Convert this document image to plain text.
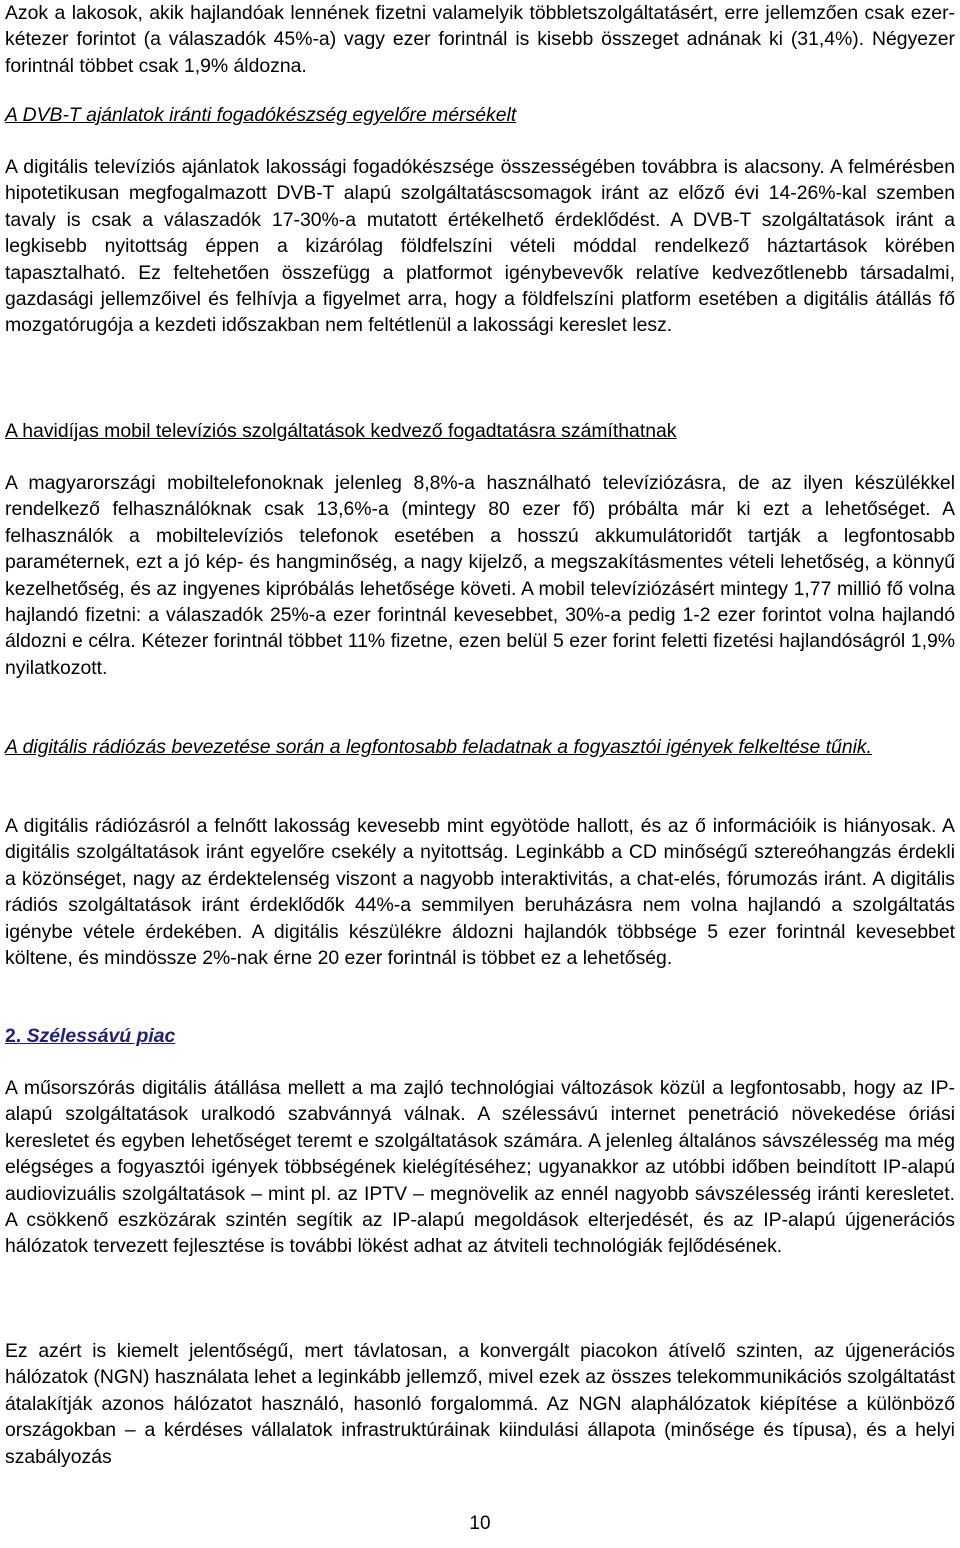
Azok a lakosok, akik hajlandóak lennének fizetni valamelyik többletszolgáltatásért, erre jellemzően csak ezer-kétezer forintot (a válaszadók 45%-a) vagy ezer forintnál is kisebb összeget adnának ki (31,4%). Négyezer forintnál többet csak 1,9% áldozna.

A DVB-T ajánlatok iránti fogadókészség egyelőre mérsékelt

A digitális televíziós ajánlatok lakossági fogadókészsége összességében továbbra is alacsony. A felmérésben hipotetikusan megfogalmazott DVB-T alapú szolgáltatáscsomagok iránt az előző évi 14-26%-kal szemben tavaly is csak a válaszadók 17-30%-a mutatott értékelhető érdeklődést. A DVB-T szolgáltatások iránt a legkisebb nyitottság éppen a kizárólag földfelszíni vételi móddal rendelkező háztartások körében tapasztalható. Ez feltehetően összefügg a platformot igénybevevők relatíve kedvezőtlenebb társadalmi, gazdasági jellemzőivel és felhívja a figyelmet arra, hogy a földfelszíni platform esetében a digitális átállás fő mozgatórugója a kezdeti időszakban nem feltétlenül a lakossági kereslet lesz.

A havidíjas mobil televíziós szolgáltatások kedvező fogadtatásra számíthatnak

A magyarországi mobiltelefonoknak jelenleg 8,8%-a használható televíziózásra, de az ilyen készülékkel rendelkező felhasználóknak csak 13,6%-a (mintegy 80 ezer fő) próbálta már ki ezt a lehetőséget. A felhasználók a mobiltelevíziós telefonok esetében a hosszú akkumulátoridőt tartják a legfontosabb paraméternek, ezt a jó kép- és hangminőség, a nagy kijelző, a megszakításmentes vételi lehetőség, a könnyű kezelhetőség, és az ingyenes kipróbálás lehetősége követi. A mobil televíziózásért mintegy 1,77 millió fő volna hajlandó fizetni: a válaszadók 25%-a ezer forintnál kevesebbet, 30%-a pedig 1-2 ezer forintot volna hajlandó áldozni e célra. Kétezer forintnál többet 11% fizetne, ezen belül 5 ezer forint feletti fizetési hajlandóságról 1,9% nyilatkozott.

A digitális rádiózás bevezetése során a legfontosabb feladatnak a fogyasztói igények felkeltése tűnik.

A digitális rádiózásról a felnőtt lakosság kevesebb mint egyötöde hallott, és az ő információik is hiányosak. A digitális szolgáltatások iránt egyelőre csekély a nyitottság. Leginkább a CD minőségű sztereóhangzás érdekli a közönséget, nagy az érdektelenség viszont a nagyobb interaktivitás, a chat-elés, fórumozás iránt. A digitális rádiós szolgáltatások iránt érdeklődők 44%-a semmilyen beruházásra nem volna hajlandó a szolgáltatás igénybe vétele érdekében. A digitális készülékre áldozni hajlandók többsége 5 ezer forintnál kevesebbet költene, és mindössze 2%-nak érne 20 ezer forintnál is többet ez a lehetőség.

2. Szélessávú piac

A műsorszórás digitális átállása mellett a ma zajló technológiai változások közül a legfontosabb, hogy az IP-alapú szolgáltatások uralkodó szabvánnyá válnak. A szélessávú internet penetráció növekedése óriási keresletet és egyben lehetőséget teremt e szolgáltatások számára. A jelenleg általános sávszélesség ma még elégséges a fogyasztói igények többségének kielégítéséhez; ugyanakkor az utóbbi időben beindított IP-alapú audiovizuális szolgáltatások – mint pl. az IPTV – megnövelik az ennél nagyobb sávszélesség iránti keresletet. A csökkenő eszközárak szintén segítik az IP-alapú megoldások elterjedését, és az IP-alapú újgenerációs hálózatok tervezett fejlesztése is további lökést adhat az átviteli technológiák fejlődésének.

Ez azért is kiemelt jelentőségű, mert távlatosan, a konvergált piacokon átívelő szinten, az újgenerációs hálózatok (NGN) használata lehet a leginkább jellemző, mivel ezek az összes telekommunikációs szolgáltatást átalakítják azonos hálózatot használó, hasonló forgalommá. Az NGN alaphálózatok kiépítése a különböző országokban – a kérdéses vállalatok infrastruktúráinak kiindulási állapota (minősége és típusa), és a helyi szabályozás

10
